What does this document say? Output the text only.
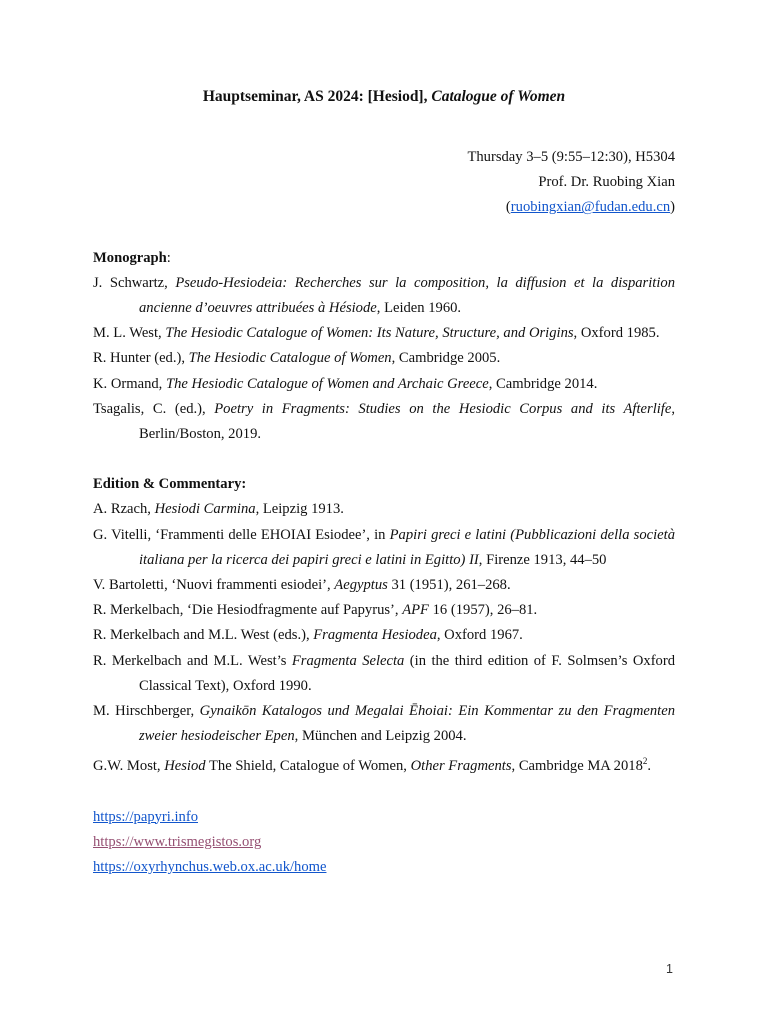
Hauptseminar, AS 2024: [Hesiod], Catalogue of Women
Thursday 3–5 (9:55–12:30), H5304
Prof. Dr. Ruobing Xian
(ruobingxian@fudan.edu.cn)
Monograph:
J. Schwartz, Pseudo-Hesiodeia: Recherches sur la composition, la diffusion et la disparition ancienne d’oeuvres attribuées à Hésiode, Leiden 1960.
M. L. West, The Hesiodic Catalogue of Women: Its Nature, Structure, and Origins, Oxford 1985.
R. Hunter (ed.), The Hesiodic Catalogue of Women, Cambridge 2005.
K. Ormand, The Hesiodic Catalogue of Women and Archaic Greece, Cambridge 2014.
Tsagalis, C. (ed.), Poetry in Fragments: Studies on the Hesiodic Corpus and its Afterlife, Berlin/Boston, 2019.
Edition & Commentary:
A. Rzach, Hesiodi Carmina, Leipzig 1913.
G. Vitelli, ‘Frammenti delle EHOIAI Esiodee’, in Papiri greci e latini (Pubblicazioni della società italiana per la ricerca dei papiri greci e latini in Egitto) II, Firenze 1913, 44–50
V. Bartoletti, ‘Nuovi frammenti esiodei’, Aegyptus 31 (1951), 261–268.
R. Merkelbach, ‘Die Hesiodfragmente auf Papyrus’, APF 16 (1957), 26–81.
R. Merkelbach and M.L. West (eds.), Fragmenta Hesiodea, Oxford 1967.
R. Merkelbach and M.L. West’s Fragmenta Selecta (in the third edition of F. Solmsen’s Oxford Classical Text), Oxford 1990.
M. Hirschberger, Gynaikōn Katalogos und Megalai Ēhoiai: Ein Kommentar zu den Fragmenten zweier hesiodeischer Epen, München and Leipzig 2004.
G.W. Most, Hesiod The Shield, Catalogue of Women, Other Fragments, Cambridge MA 2018$^2$.
https://papyri.info
https://www.trismegistos.org
https://oxyrhynchus.web.ox.ac.uk/home
1
